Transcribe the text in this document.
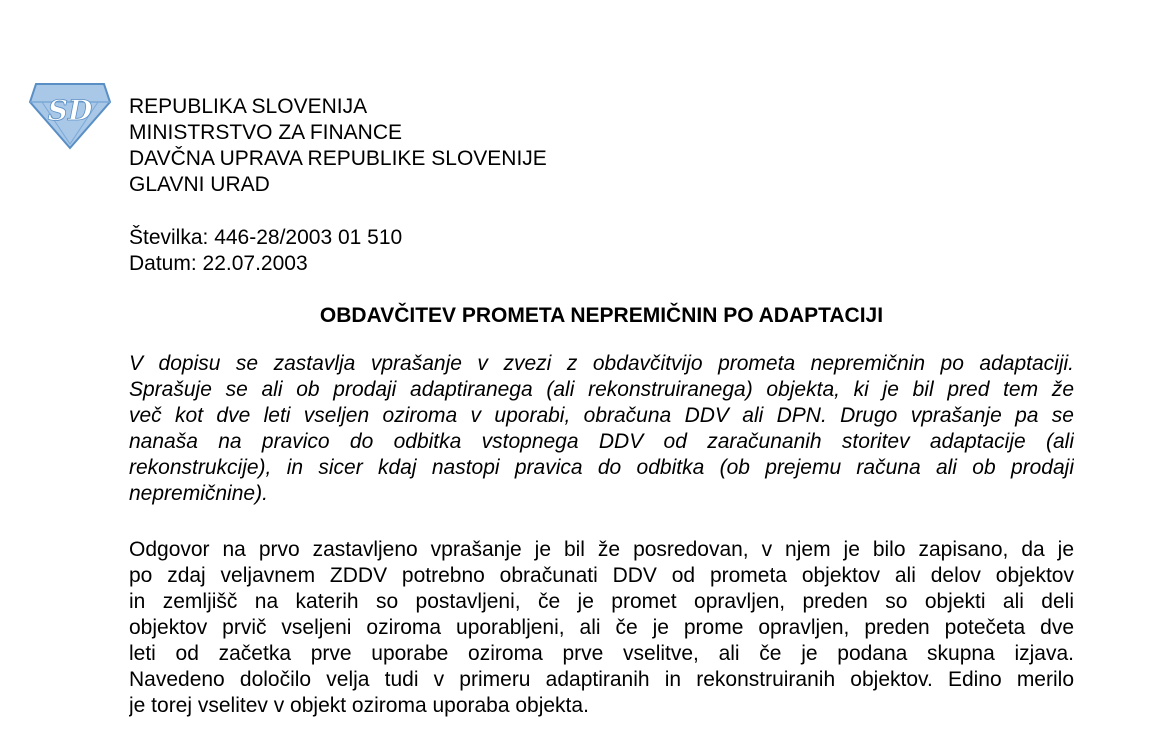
SD REPUBLIKA SLOVENIJA
MINISTRSTVO ZA FINANCE
DAVČNA UPRAVA REPUBLIKE SLOVENIJE
GLAVNI URAD
Številka: 446-28/2003 01 510
Datum: 22.07.2003
OBDAVČITEV PROMETA NEPREMIČNIN PO ADAPTACIJI
V dopisu se zastavlja vprašanje v zvezi z obdavčitvijo prometa nepremičnin po adaptaciji.
Sprašuje se ali ob prodaji adaptiranega (ali rekonstruiranega) objekta, ki je bil pred tem že
več kot dve leti vseljen oziroma v uporabi, obračuna DDV ali DPN. Drugo vprašanje pa se
nanaša na pravico do odbitka vstopnega DDV od zaračunanih storitev adaptacije (ali
rekonstrukcije), in sicer kdaj nastopi pravica do odbitka (ob prejemu računa ali ob prodaji
nepremičnine).
Odgovor na prvo zastavljeno vprašanje je bil že posredovan, v njem je bilo zapisano, da je
po zdaj veljavnem ZDDV potrebno obračunati DDV od prometa objektov ali delov objektov
in zemljišč na katerih so postavljeni, če je promet opravljen, preden so objekti ali deli
objektov prvič vseljeni oziroma uporabljeni, ali če je prome opravljen, preden potečeta dve
leti od začetka prve uporabe oziroma prve vselitve, ali če je podana skupna izjava.
Navedeno določilo velja tudi v primeru adaptiranih in rekonstruiranih objektov. Edino merilo
je torej vselitev v objekt oziroma uporaba objekta.
